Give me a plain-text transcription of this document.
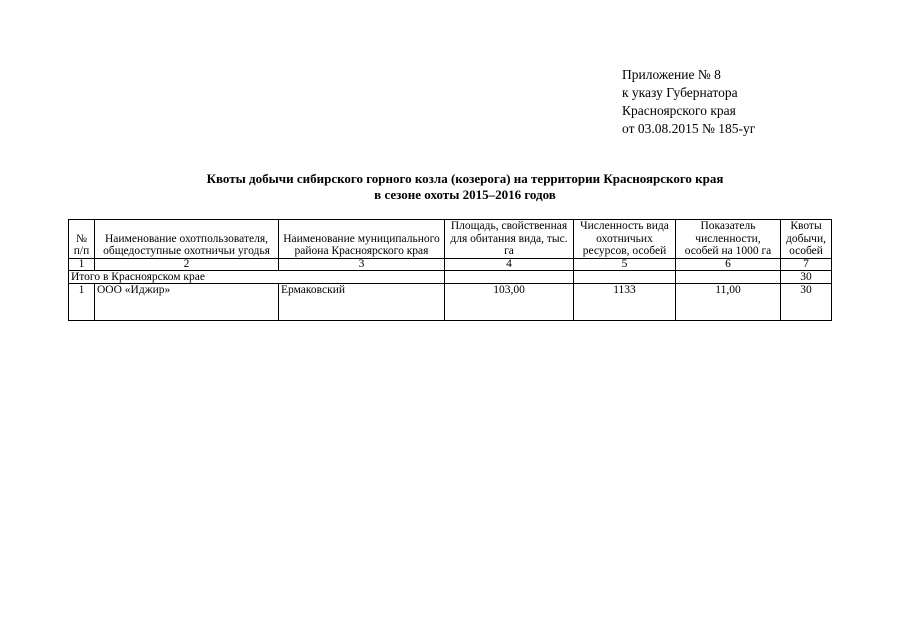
Приложение № 8
к указу Губернатора
Красноярского края
от 03.08.2015 № 185-уг
Квоты добычи сибирского горного козла (козерога) на территории Красноярского края
в сезоне охоты 2015–2016 годов
№ п/п	Наименование охотпользователя, общедоступные охотничьи угодья	Наименование муниципального района Красноярского края	Площадь, свойственная для обитания вида, тыс. га	Численность вида охотничьих ресурсов, особей	Показатель численности, особей на 1000 га	Квоты добычи, особей
1	2	3	4	5	6	7
Итого в Красноярском крае						30
1	ООО «Иджир»	Ермаковский	103,00	1133	11,00	30
